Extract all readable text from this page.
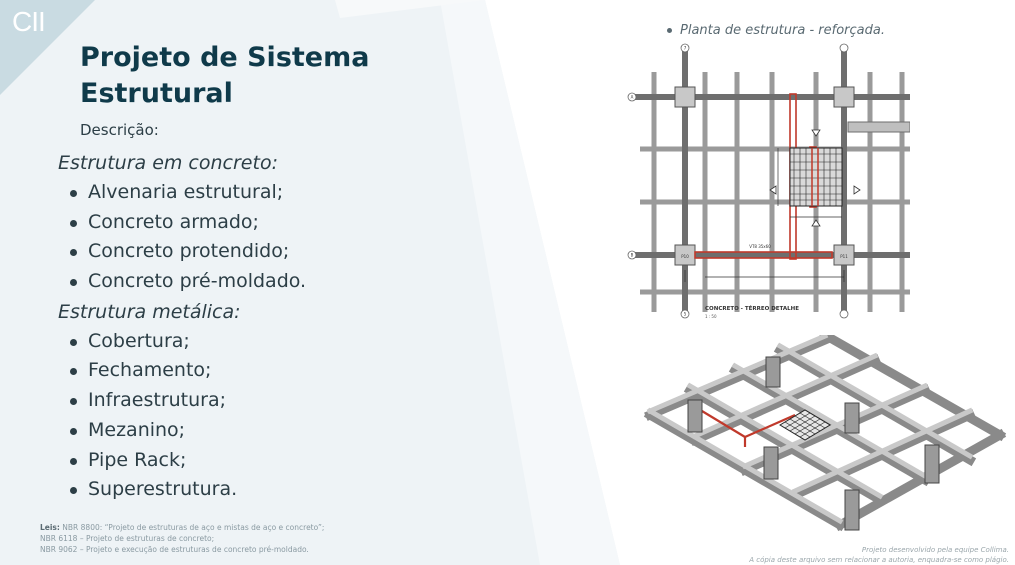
CII
Projeto de Sistema
Estrutural
Descrição:
Estrutura em concreto:
Alvenaria estrutural;
Concreto armado;
Concreto protendido;
Concreto pré-moldado.
Estrutura metálica:
Cobertura;
Fechamento;
Infraestrutura;
Mezanino;
Pipe Rack;
Superestrutura.
Leis: NBR 8800: “Projeto de estruturas de aço e mistas de aço e concreto”;
NBR 6118 – Projeto de estruturas de concreto;
NBR 9062 – Projeto e execução de estruturas de concreto pré-moldado.
Planta de estrutura - reforçada.
A
B
7
5
P10	P11
VT8 35x60
CONCRETO - TÉRREO DETALHE
1 : 50
Projeto desenvolvido pela equipe Collima.
A cópia deste arquivo sem relacionar a autoria, enquadra-se como plágio.
